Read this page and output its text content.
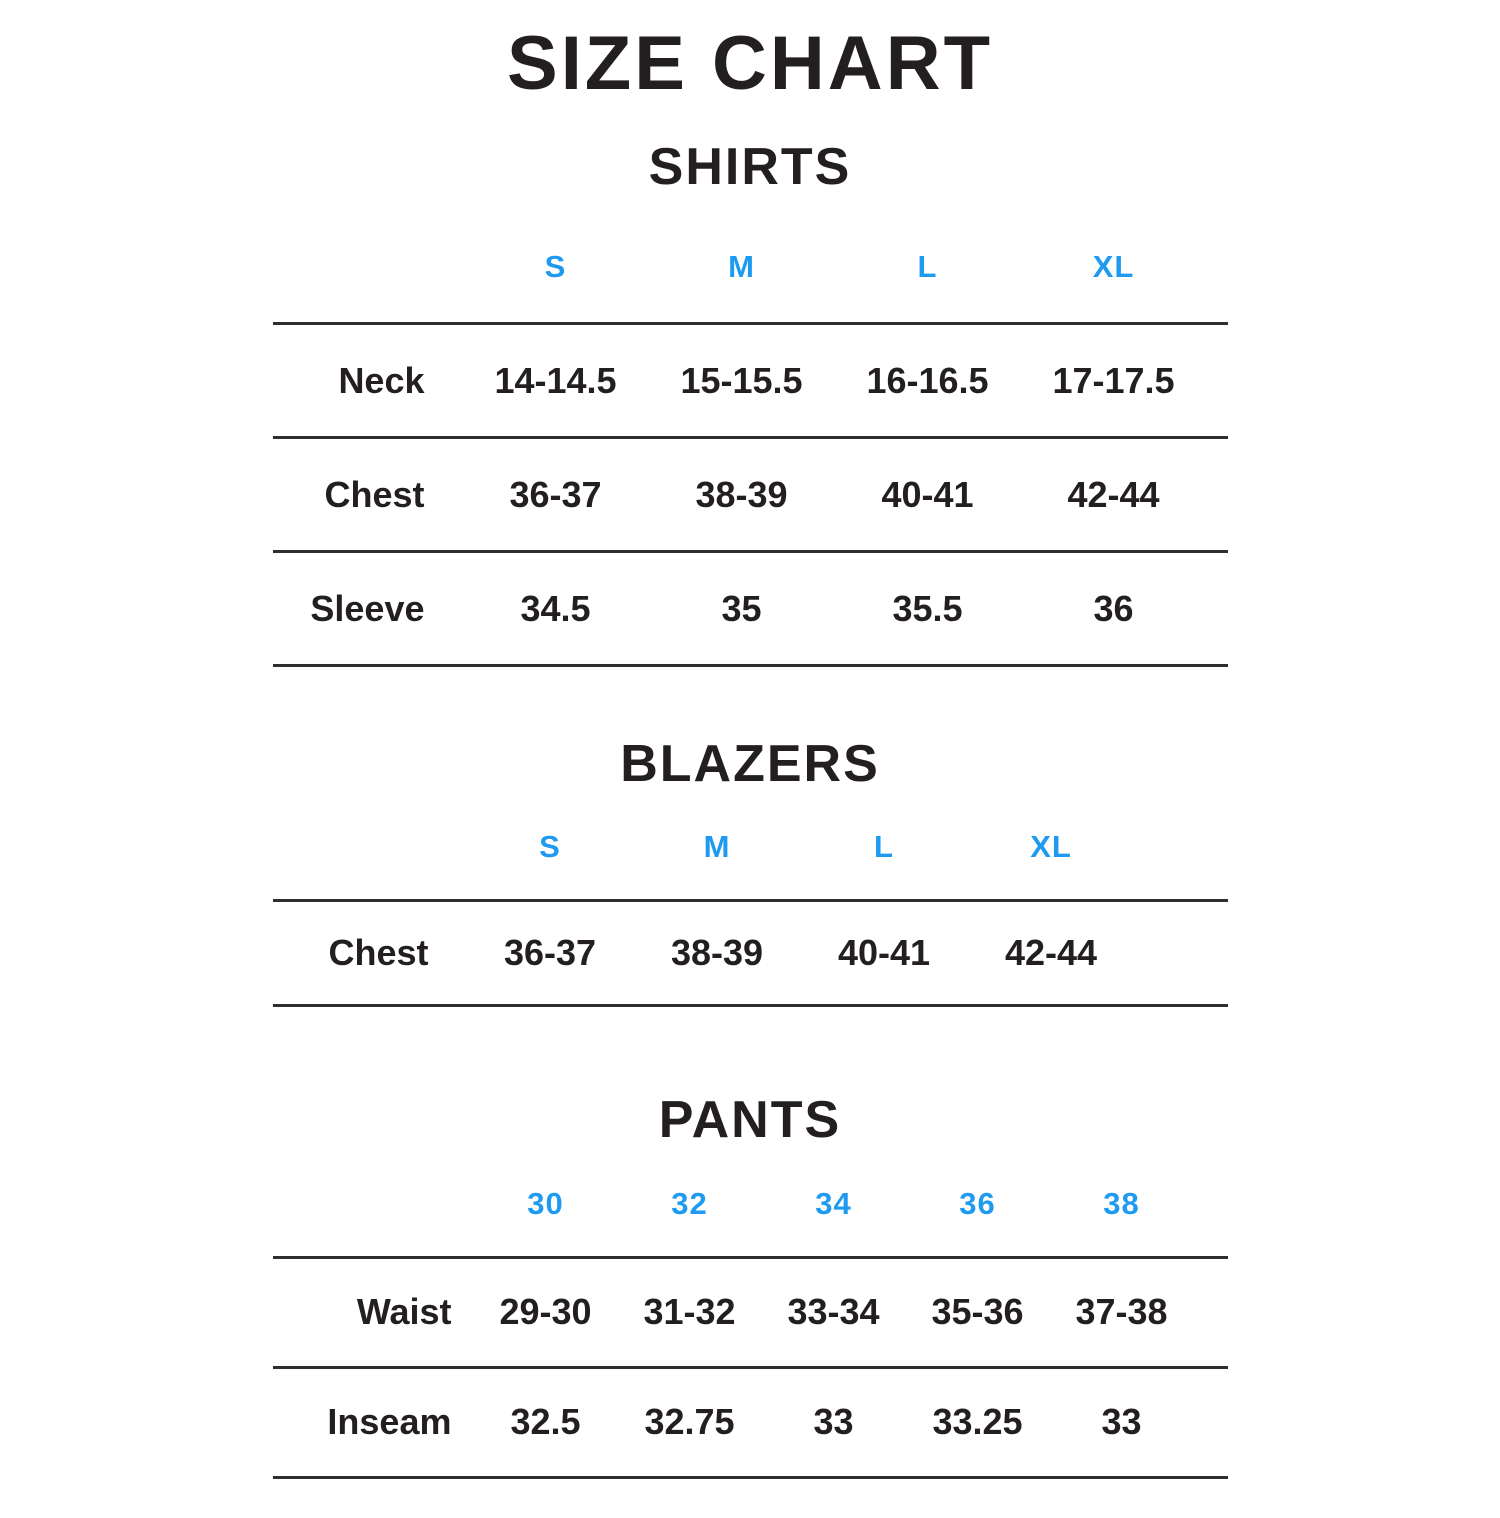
SIZE CHART
SHIRTS
	S	M	L	XL	
Neck	14-14.5	15-15.5	16-16.5	17-17.5	
Chest	36-37	38-39	40-41	42-44	
Sleeve	34.5	35	35.5	36	
BLAZERS
	S	M	L	XL	
Chest	36-37	38-39	40-41	42-44	
PANTS
	30	32	34	36	38	
Waist	29-30	31-32	33-34	35-36	37-38	
Inseam	32.5	32.75	33	33.25	33	
